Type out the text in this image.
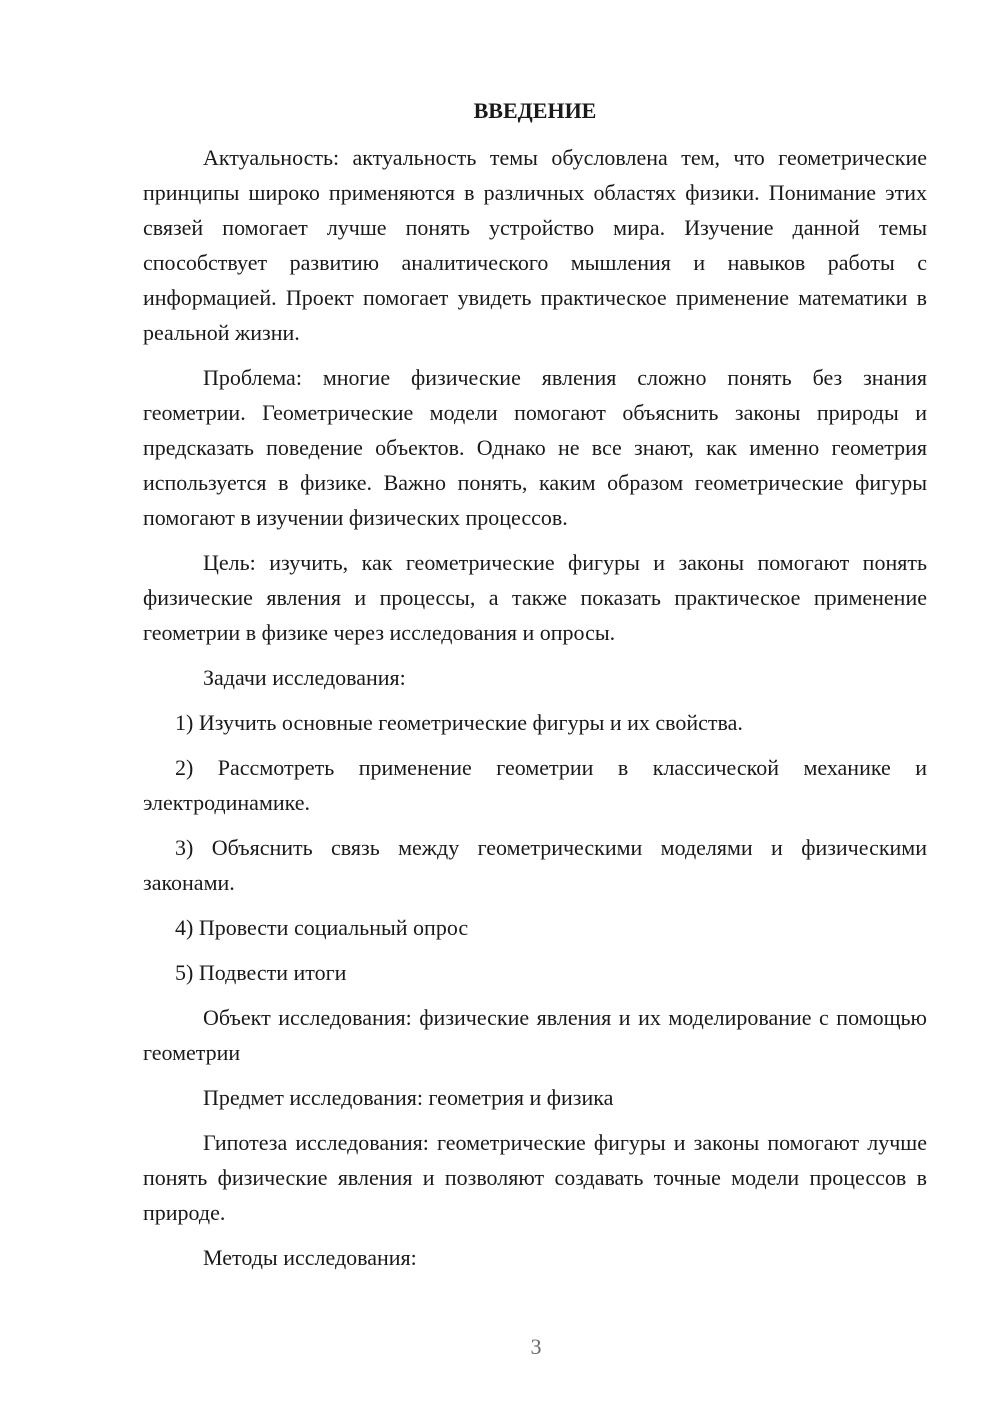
ВВЕДЕНИЕ

Актуальность: актуальность темы обусловлена тем, что геометрические принципы широко применяются в различных областях физики. Понимание этих связей помогает лучше понять устройство мира. Изучение данной темы способствует развитию аналитического мышления и навыков работы с информацией. Проект помогает увидеть практическое применение математики в реальной жизни.

Проблема: многие физические явления сложно понять без знания геометрии. Геометрические модели помогают объяснить законы природы и предсказать поведение объектов. Однако не все знают, как именно геометрия используется в физике. Важно понять, каким образом геометрические фигуры помогают в изучении физических процессов.

Цель: изучить, как геометрические фигуры и законы помогают понять физические явления и процессы, а также показать практическое применение геометрии в физике через исследования и опросы.

Задачи исследования:

1) Изучить основные геометрические фигуры и их свойства.

2) Рассмотреть применение геометрии в классической механике и электродинамике.

3) Объяснить связь между геометрическими моделями и физическими законами.

4) Провести социальный опрос

5) Подвести итоги

Объект исследования: физические явления и их моделирование с помощью геометрии

Предмет исследования: геометрия и физика

Гипотеза исследования: геометрические фигуры и законы помогают лучше понять физические явления и позволяют создавать точные модели процессов в природе.

Методы исследования:

3
